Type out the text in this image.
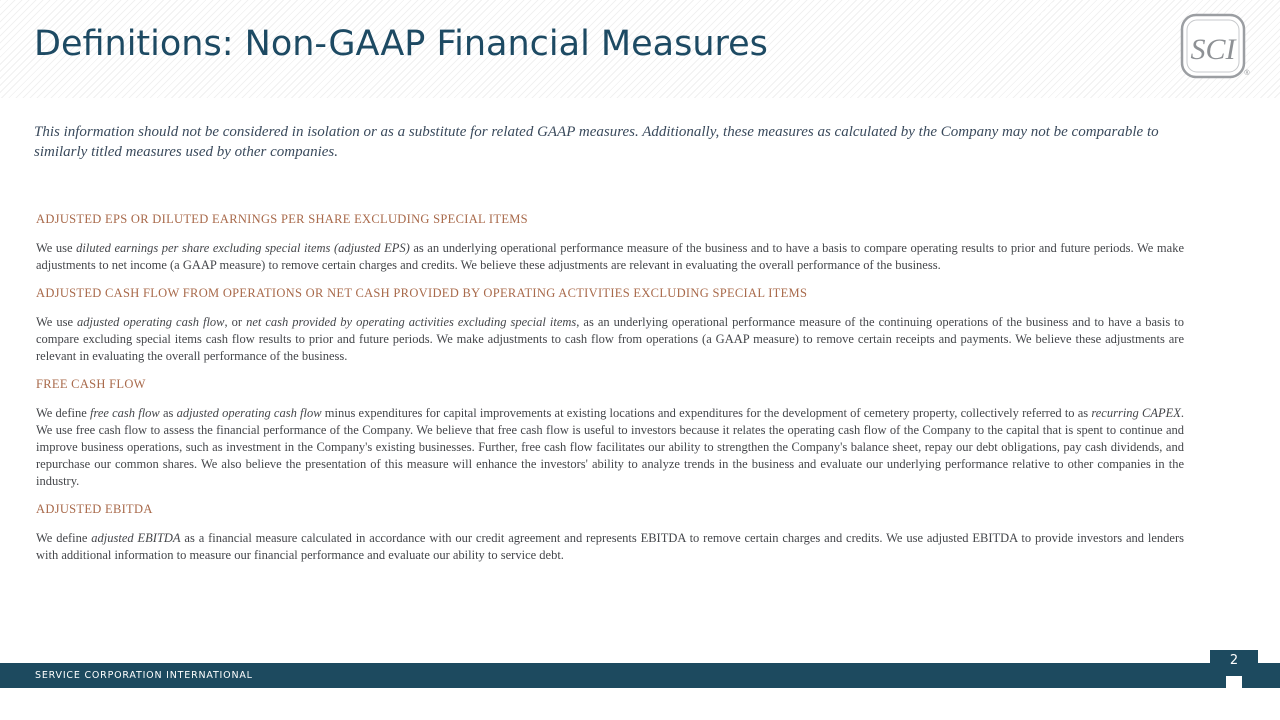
Definitions: Non-GAAP Financial Measures	SCI
®
This information should not be considered in isolation or as a substitute for related GAAP measures. Additionally, these measures as calculated by the Company may not be comparable to similarly titled measures used by other companies.
ADJUSTED EPS OR DILUTED EARNINGS PER SHARE EXCLUDING SPECIAL ITEMS
We use diluted earnings per share excluding special items (adjusted EPS) as an underlying operational performance measure of the business and to have a basis to compare operating results to prior and future periods. We make adjustments to net income (a GAAP measure) to remove certain charges and credits. We believe these adjustments are relevant in evaluating the overall performance of the business.
ADJUSTED CASH FLOW FROM OPERATIONS OR NET CASH PROVIDED BY OPERATING ACTIVITIES EXCLUDING SPECIAL ITEMS
We use adjusted operating cash flow, or net cash provided by operating activities excluding special items, as an underlying operational performance measure of the continuing operations of the business and to have a basis to compare excluding special items cash flow results to prior and future periods. We make adjustments to cash flow from operations (a GAAP measure) to remove certain receipts and payments. We believe these adjustments are relevant in evaluating the overall performance of the business.
FREE CASH FLOW
We define free cash flow as adjusted operating cash flow minus expenditures for capital improvements at existing locations and expenditures for the development of cemetery property, collectively referred to as recurring CAPEX. We use free cash flow to assess the financial performance of the Company. We believe that free cash flow is useful to investors because it relates the operating cash flow of the Company to the capital that is spent to continue and improve business operations, such as investment in the Company's existing businesses. Further, free cash flow facilitates our ability to strengthen the Company's balance sheet, repay our debt obligations, pay cash dividends, and repurchase our common shares. We also believe the presentation of this measure will enhance the investors' ability to analyze trends in the business and evaluate our underlying performance relative to other companies in the industry.
ADJUSTED EBITDA
We define adjusted EBITDA as a financial measure calculated in accordance with our credit agreement and represents EBITDA to remove certain charges and credits. We use adjusted EBITDA to provide investors and lenders with additional information to measure our financial performance and evaluate our ability to service debt.
SERVICE CORPORATION INTERNATIONAL
2
